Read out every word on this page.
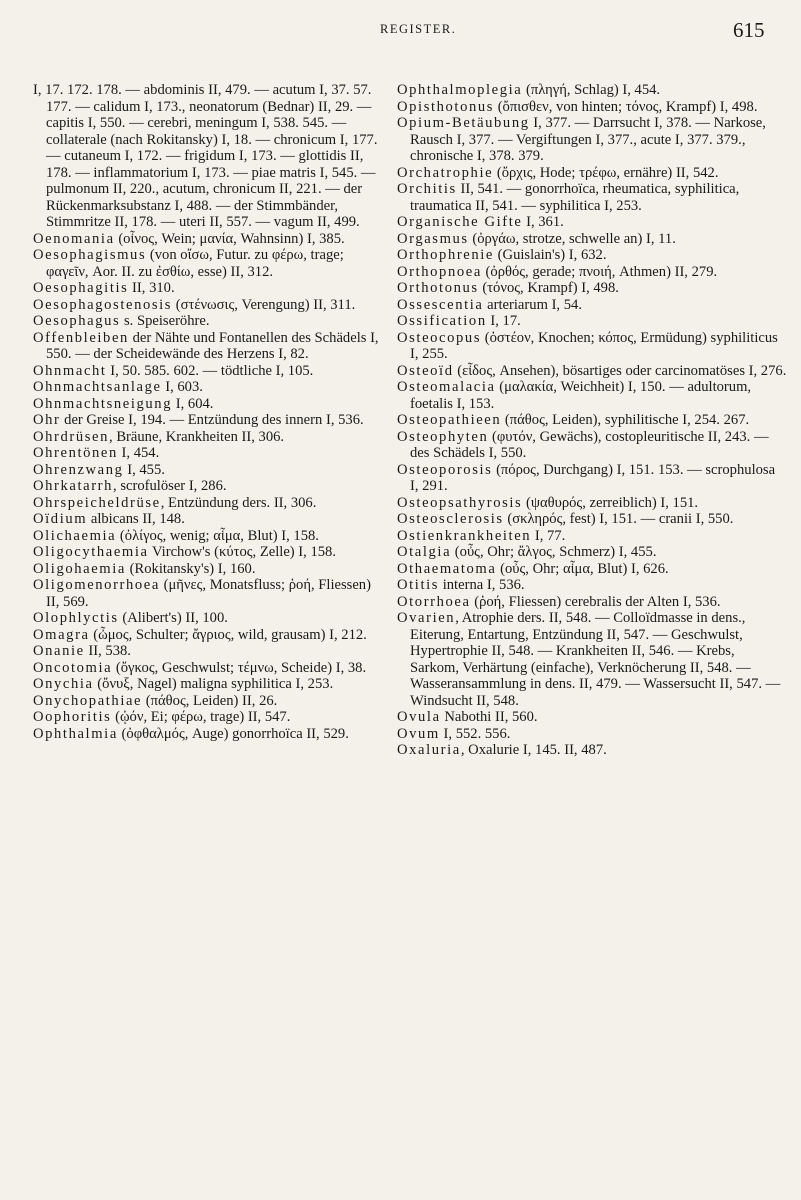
REGISTER.	615
I, 17. 172. 178. — abdominis II, 479. — acutum I, 37. 57. 177. — calidum I, 173., neonatorum (Bednar) II, 29. — capitis I, 550. — cerebri, meningum I, 538. 545. — collaterale (nach Rokitansky) I, 18. — chronicum I, 177. — cutaneum I, 172. — frigidum I, 173. — glottidis II, 178. — inflammatorium I, 173. — piae matris I, 545. — pulmonum II, 220., acutum, chronicum II, 221. — der Rückenmarksubstanz I, 488. — der Stimmbänder, Stimmritze II, 178. — uteri II, 557. — vagum II, 499.
Oenomania (οἶνος, Wein; μανία, Wahnsinn) I, 385.
Oesophagismus (von οἴσω, Futur. zu φέρω, trage; φαγεῖν, Aor. II. zu ἐσθίω, esse) II, 312.
Oesophagitis II, 310.
Oesophagostenosis (στένωσις, Verengung) II, 311.
Oesophagus s. Speiseröhre.
Offenbleiben der Nähte und Fontanellen des Schädels I, 550. — der Scheidewände des Herzens I, 82.
Ohnmacht I, 50. 585. 602. — tödtliche I, 105.
Ohnmachtsanlage I, 603.
Ohnmachtsneigung I, 604.
Ohr der Greise I, 194. — Entzündung des innern I, 536.
Ohrdrüsen, Bräune, Krankheiten II, 306.
Ohrentönen I, 454.
Ohrenzwang I, 455.
Ohrkatarrh, scrofulöser I, 286.
Ohrspeicheldrüse, Entzündung ders. II, 306.
Oïdium albicans II, 148.
Olichaemia (ὀλίγος, wenig; αἷμα, Blut) I, 158.
Oligocythaemia Virchow's (κύτος, Zelle) I, 158.
Oligohaemia (Rokitansky's) I, 160.
Oligomenorrhoea (μῆνες, Monatsfluss; ῥοή, Fliessen) II, 569.
Olophlyctis (Alibert's) II, 100.
Omagra (ὦμος, Schulter; ἄγριος, wild, grausam) I, 212.
Onanie II, 538.
Oncotomia (ὄγκος, Geschwulst; τέμνω, Scheide) I, 38.
Onychia (ὄνυξ, Nagel) maligna syphilitica I, 253.
Onychopathiae (πάθος, Leiden) II, 26.
Oophoritis (ᾠόν, Ei; φέρω, trage) II, 547.
Ophthalmia (ὀφθαλμός, Auge) gonorrhoïca II, 529.
Ophthalmoplegia (πληγή, Schlag) I, 454.
Opisthotonus (ὄπισθεν, von hinten; τόνος, Krampf) I, 498.
Opium-Betäubung I, 377. — Darrsucht I, 378. — Narkose, Rausch I, 377. — Vergiftungen I, 377., acute I, 377. 379., chronische I, 378. 379.
Orchatrophie (ὄρχις, Hode; τρέφω, ernähre) II, 542.
Orchitis II, 541. — gonorrhoïca, rheumatica, syphilitica, traumatica II, 541. — syphilitica I, 253.
Organische Gifte I, 361.
Orgasmus (ὀργάω, strotze, schwelle an) I, 11.
Orthophrenie (Guislain's) I, 632.
Orthopnoea (ὀρθός, gerade; πνοιή, Athmen) II, 279.
Orthotonus (τόνος, Krampf) I, 498.
Ossescentia arteriarum I, 54.
Ossification I, 17.
Osteocopus (ὀστέον, Knochen; κόπος, Ermüdung) syphiliticus I, 255.
Osteoïd (εἶδος, Ansehen), bösartiges oder carcinomatöses I, 276.
Osteomalacia (μαλακία, Weichheit) I, 150. — adultorum, foetalis I, 153.
Osteopathieen (πάθος, Leiden), syphilitische I, 254. 267.
Osteophyten (φυτόν, Gewächs), costopleuritische II, 243. — des Schädels I, 550.
Osteoporosis (πόρος, Durchgang) I, 151. 153. — scrophulosa I, 291.
Osteopsathyrosis (ψαθυρός, zerreiblich) I, 151.
Osteosclerosis (σκληρός, fest) I, 151. — cranii I, 550.
Ostienkrankheiten I, 77.
Otalgia (οὖς, Ohr; ἄλγος, Schmerz) I, 455.
Othaematoma (οὖς, Ohr; αἷμα, Blut) I, 626.
Otitis interna I, 536.
Otorrhoea (ῥοή, Fliessen) cerebralis der Alten I, 536.
Ovarien, Atrophie ders. II, 548. — Colloïdmasse in dens., Eiterung, Entartung, Entzündung II, 547. — Geschwulst, Hypertrophie II, 548. — Krankheiten II, 546. — Krebs, Sarkom, Verhärtung (einfache), Verknöcherung II, 548. — Wasseransammlung in dens. II, 479. — Wassersucht II, 547. — Windsucht II, 548.
Ovula Nabothi II, 560.
Ovum I, 552. 556.
Oxaluria, Oxalurie I, 145. II, 487.
